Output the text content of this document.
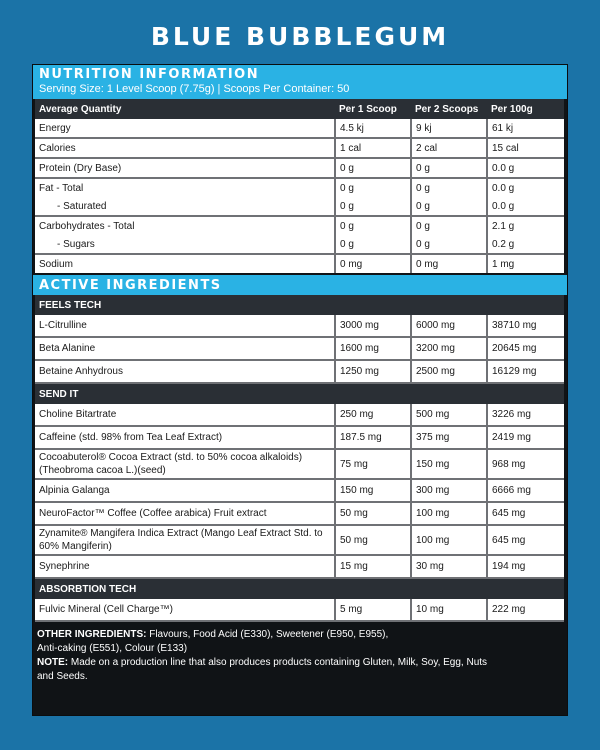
BLUE BUBBLEGUM
NUTRITION INFORMATION
Serving Size: 1 Level Scoop (7.75g) | Scoops Per Container: 50
Average Quantity	Per 1 Scoop	Per 2 Scoops	Per 100g
Energy	4.5 kj	9 kj	61 kj
Calories	1 cal	2 cal	15 cal
Protein (Dry Base)	0 g	0 g	0.0 g
Fat - Total	0 g	0 g	0.0 g
- Saturated	0 g	0 g	0.0 g
Carbohydrates - Total	0 g	0 g	2.1 g
- Sugars	0 g	0 g	0.2 g
Sodium	0 mg	0 mg	1 mg
ACTIVE INGREDIENTS
FEELS TECH			
L-Citrulline	3000 mg	6000 mg	38710 mg
Beta Alanine	1600 mg	3200 mg	20645 mg
Betaine Anhydrous	1250 mg	2500 mg	16129 mg
SEND IT			
Choline Bitartrate	250 mg	500 mg	3226 mg
Caffeine (std. 98% from Tea Leaf Extract)	187.5 mg	375 mg	2419 mg
Cocoabuterol® Cocoa Extract (std. to 50% cocoa alkaloids) (Theobroma cacoa L.)(seed)	75 mg	150 mg	968 mg
Alpinia Galanga	150 mg	300 mg	6666 mg
NeuroFactor™ Coffee (Coffee arabica) Fruit extract	50 mg	100 mg	645 mg
Zynamite® Mangifera Indica Extract (Mango Leaf Extract Std. to 60% Mangiferin)	50 mg	100 mg	645 mg
Synephrine	15 mg	30 mg	194 mg
ABSORBTION TECH			
Fulvic Mineral (Cell Charge™)	5 mg	10 mg	222 mg
OTHER INGREDIENTS: Flavours, Food Acid (E330), Sweetener (E950, E955),
Anti-caking (E551), Colour (E133)
NOTE: Made on a production line that also produces products containing Gluten, Milk, Soy, Egg, Nuts
and Seeds.
